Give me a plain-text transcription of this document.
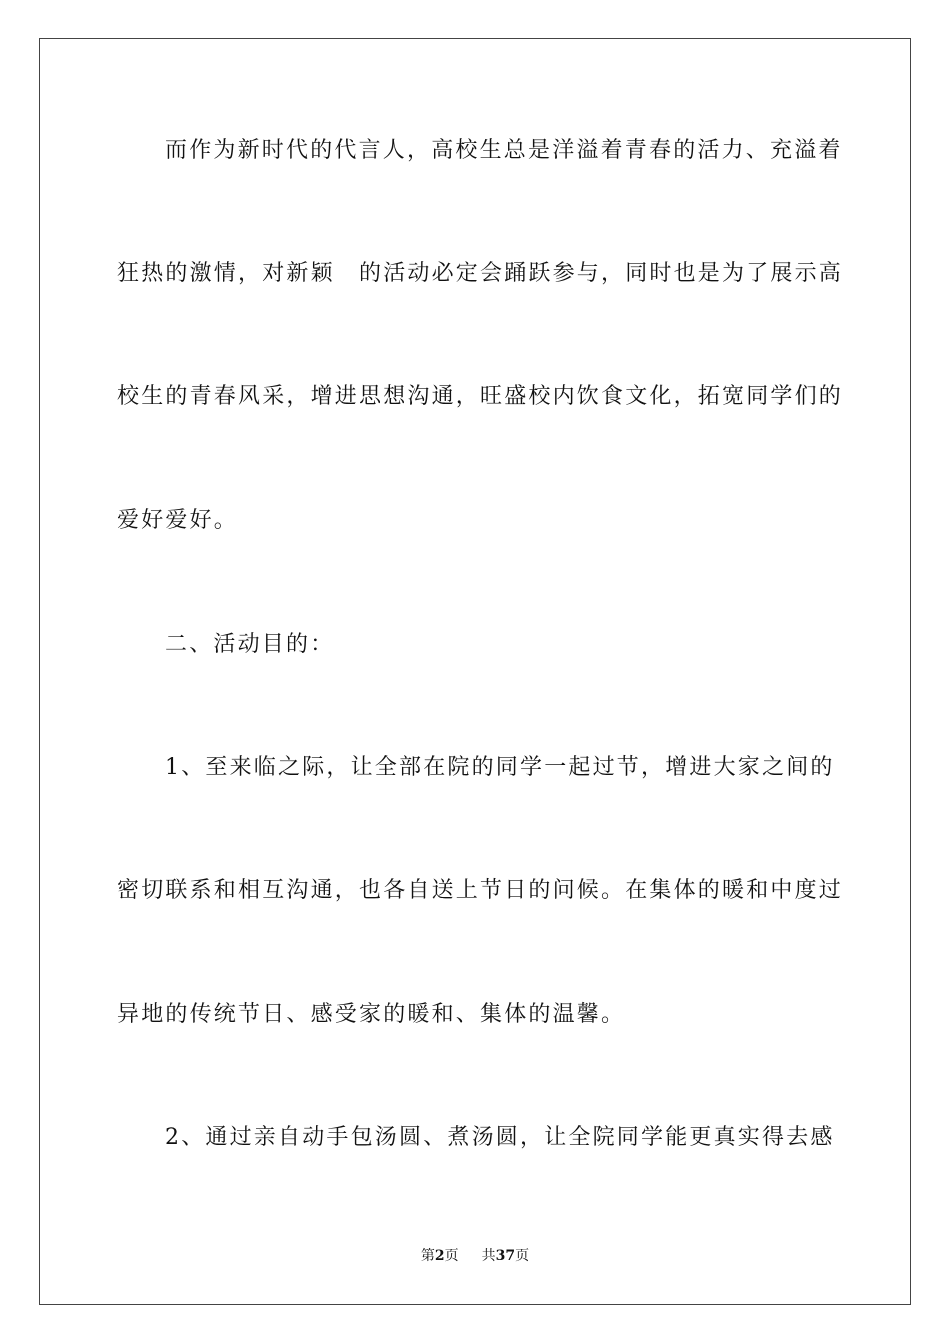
而作为新时代的代言人，高校生总是洋溢着青春的活力、充溢着
狂热的激情，对新颖　的活动必定会踊跃参与，同时也是为了展示高
校生的青春风采，增进思想沟通，旺盛校内饮食文化，拓宽同学们的
爱好爱好。
二、活动目的：
1、至来临之际，让全部在院的同学一起过节，增进大家之间的
密切联系和相互沟通，也各自送上节日的问候。在集体的暖和中度过
异地的传统节日、感受家的暖和、集体的温馨。
2、通过亲自动手包汤圆、煮汤圆，让全院同学能更真实得去感
第2页 共37页
